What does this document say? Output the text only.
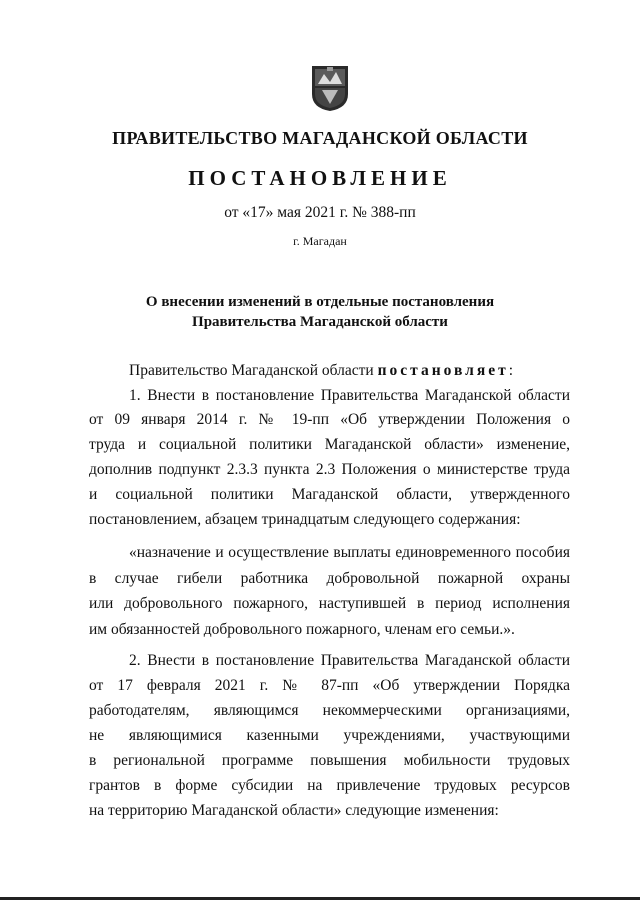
ПРАВИТЕЛЬСТВО МАГАДАНСКОЙ ОБЛАСТИ
ПОСТАНОВЛЕНИЕ
от «17» мая 2021 г. № 388-пп
г. Магадан
О внесении изменений в отдельные постановления
Правительства Магаданской области
Правительство Магаданской области постановляет:
1. Внести в постановление Правительства Магаданской области
от 09 января 2014 г. № 19-пп «Об утверждении Положения о
труда и социальной политики Магаданской области» изменение,
дополнив подпункт 2.3.3 пункта 2.3 Положения о министерстве труда
и социальной политики Магаданской области, утвержденного
постановлением, абзацем тринадцатым следующего содержания:
«назначение и осуществление выплаты единовременного пособия
в случае гибели работника добровольной пожарной охраны
или добровольного пожарного, наступившей в период исполнения
им обязанностей добровольного пожарного, членам его семьи.».
2. Внести в постановление Правительства Магаданской области
от 17 февраля 2021 г. № 87-пп «Об утверждении Порядка
работодателям, являющимся некоммерческими организациями,
не являющимися казенными учреждениями, участвующими
в региональной программе повышения мобильности трудовых
грантов в форме субсидии на привлечение трудовых ресурсов
на территорию Магаданской области» следующие изменения:
